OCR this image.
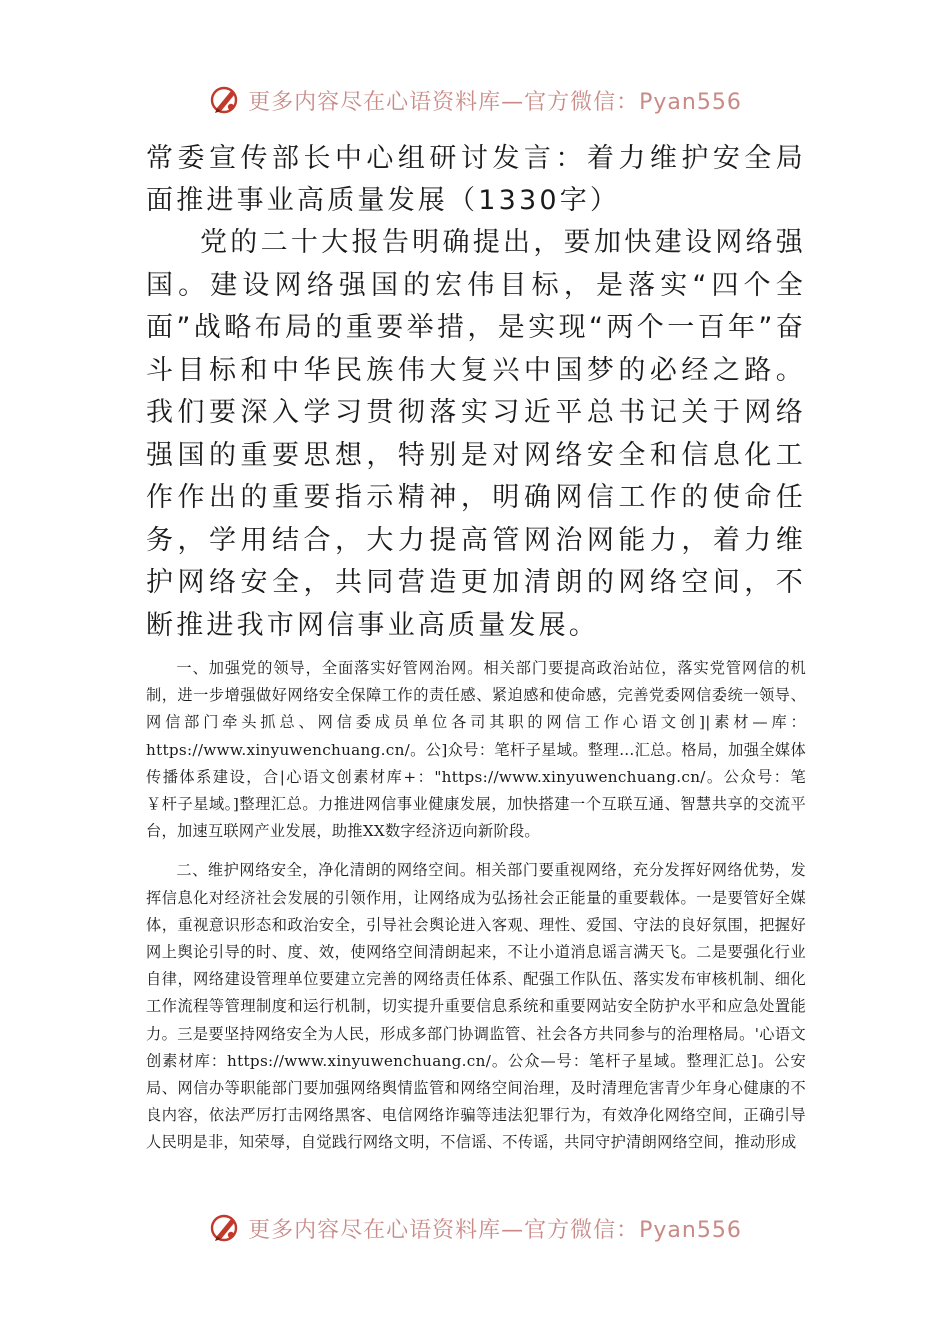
更多内容尽在心语资料库—官方微信：Pyan556

常委宣传部长中心组研讨发言：着力维护安全局面推进事业高质量发展（1330字）

党的二十大报告明确提出，要加快建设网络强国。建设网络强国的宏伟目标，是落实“四个全面”战略布局的重要举措，是实现“两个一百年”奋斗目标和中华民族伟大复兴中国梦的必经之路。我们要深入学习贯彻落实习近平总书记关于网络强国的重要思想，特别是对网络安全和信息化工作作出的重要指示精神，明确网信工作的使命任务，学用结合，大力提高管网治网能力，着力维护网络安全，共同营造更加清朗的网络空间，不断推进我市网信事业高质量发展。

一、加强党的领导，全面落实好管网治网。相关部门要提高政治站位，落实党管网信的机制，进一步增强做好网络安全保障工作的责任感、紧迫感和使命感，完善党委网信委统一领导、网信部门牵头抓总、网信委成员单位各司其职的网信工作心语文创]|素材—库：https://www.xinyuwenchuang.cn/。公]众号：笔杆子星域。整理…汇总。格局，加强全媒体传播体系建设，合|心语文创素材库+："https://www.xinyuwenchuang.cn/。公众号：笔￥杆子星域。]整理汇总。力推进网信事业健康发展，加快搭建一个互联互通、智慧共享的交流平台，加速互联网产业发展，助推XX数字经济迈向新阶段。

二、维护网络安全，净化清朗的网络空间。相关部门要重视网络，充分发挥好网络优势，发挥信息化对经济社会发展的引领作用，让网络成为弘扬社会正能量的重要载体。一是要管好全媒体，重视意识形态和政治安全，引导社会舆论进入客观、理性、爱国、守法的良好氛围，把握好网上舆论引导的时、度、效，使网络空间清朗起来，不让小道消息谣言满天飞。二是要强化行业自律，网络建设管理单位要建立完善的网络责任体系、配强工作队伍、落实发布审核机制、细化工作流程等管理制度和运行机制，切实提升重要信息系统和重要网站安全防护水平和应急处置能力。三是要坚持网络安全为人民，形成多部门协调监管、社会各方共同参与的治理格局。'心语文创素材库：https://www.xinyuwenchuang.cn/。公众—号：笔杆子星域。整理汇总]。公安局、网信办等职能部门要加强网络舆情监管和网络空间治理，及时清理危害青少年身心健康的不良内容，依法严厉打击网络黑客、电信网络诈骗等违法犯罪行为，有效净化网络空间，正确引导人民明是非，知荣辱，自觉践行网络文明，不信谣、不传谣，共同守护清朗网络空间，推动形成

更多内容尽在心语资料库—官方微信：Pyan556
